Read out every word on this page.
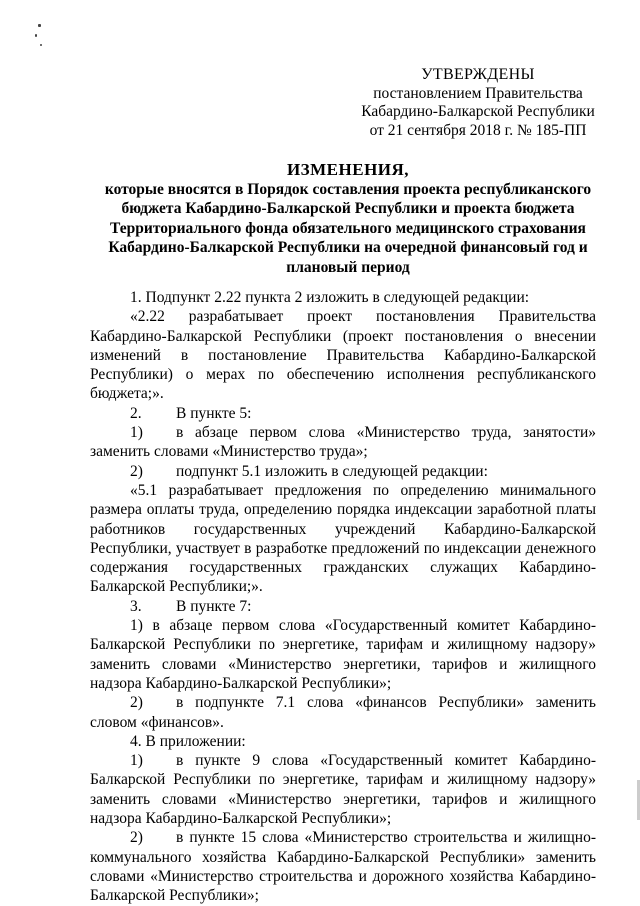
УТВЕРЖДЕНЫ
постановлением Правительства
Кабардино-Балкарской Республики
от 21 сентября 2018 г. № 185-ПП
ИЗМЕНЕНИЯ,
которые вносятся в Порядок составления проекта республиканского бюджета Кабардино-Балкарской Республики и проекта бюджета Территориального фонда обязательного медицинского страхования Кабардино-Балкарской Республики на очередной финансовый год и плановый период

1. Подпункт 2.22 пункта 2 изложить в следующей редакции:

«2.22 разрабатывает проект постановления Правительства Кабардино-Балкарской Республики (проект постановления о внесении изменений в постановление Правительства Кабардино-Балкарской Республики) о мерах по обеспечению исполнения республиканского бюджета;».

2. В пункте 5:

1) в абзаце первом слова «Министерство труда, занятости» заменить словами «Министерство труда»;

2) подпункт 5.1 изложить в следующей редакции:

«5.1 разрабатывает предложения по определению минимального размера оплаты труда, определению порядка индексации заработной платы работников государственных учреждений Кабардино-Балкарской Республики, участвует в разработке предложений по индексации денежного содержания государственных гражданских служащих Кабардино-Балкарской Республики;».

3. В пункте 7:

1) в абзаце первом слова «Государственный комитет Кабардино-Балкарской Республики по энергетике, тарифам и жилищному надзору» заменить словами «Министерство энергетики, тарифов и жилищного надзора Кабардино-Балкарской Республики»;

2) в подпункте 7.1 слова «финансов Республики» заменить словом «финансов».

4. В приложении:

1) в пункте 9 слова «Государственный комитет Кабардино-Балкарской Республики по энергетике, тарифам и жилищному надзору» заменить словами «Министерство энергетики, тарифов и жилищного надзора Кабардино-Балкарской Республики»;

2) в пункте 15 слова «Министерство строительства и жилищно-коммунального хозяйства Кабардино-Балкарской Республики» заменить словами «Министерство строительства и дорожного хозяйства Кабардино-Балкарской Республики»;
